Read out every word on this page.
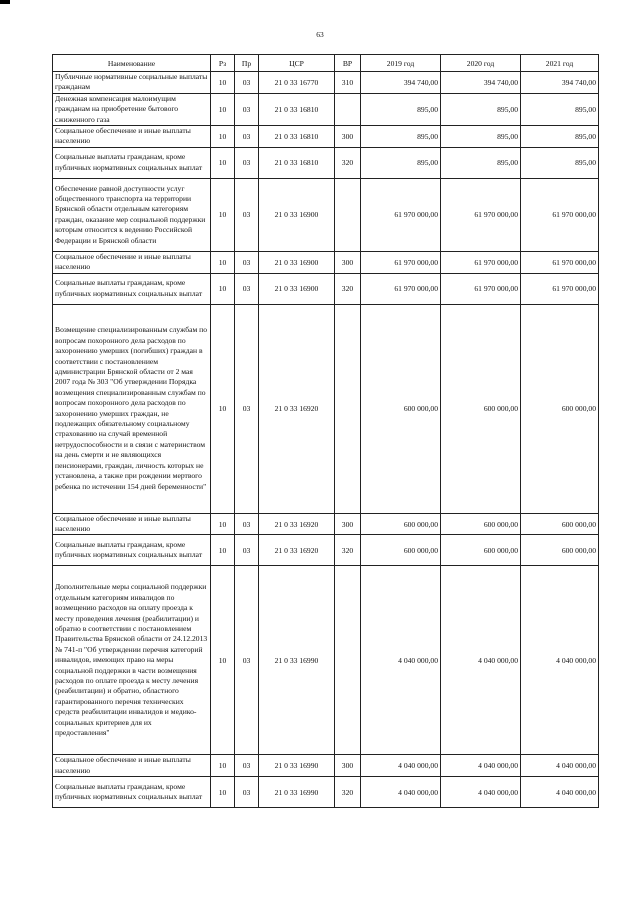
63
Наименование	Рз	Пр	ЦСР	ВР	2019 год	2020 год	2021 год
Публичные нормативные социальные выплаты гражданам	10	03	21 0 33 16770	310	394 740,00	394 740,00	394 740,00
Денежная компенсация малоимущим гражданам на приобретение бытового сжиженного газа	10	03	21 0 33 16810		895,00	895,00	895,00
Социальное обеспечение и иные выплаты населению	10	03	21 0 33 16810	300	895,00	895,00	895,00
Социальные выплаты гражданам, кроме публичных нормативных социальных выплат	10	03	21 0 33 16810	320	895,00	895,00	895,00
Обеспечение равной доступности услуг общественного транспорта на территории Брянской области отдельным категориям граждан, оказание мер социальной поддержки которым относится к ведению Российской Федерации и Брянской области	10	03	21 0 33 16900		61 970 000,00	61 970 000,00	61 970 000,00
Социальное обеспечение и иные выплаты населению	10	03	21 0 33 16900	300	61 970 000,00	61 970 000,00	61 970 000,00
Социальные выплаты гражданам, кроме публичных нормативных социальных выплат	10	03	21 0 33 16900	320	61 970 000,00	61 970 000,00	61 970 000,00
Возмещение специализированным службам по вопросам похоронного дела расходов по захоронению умерших (погибших) граждан в соответствии с постановлением администрации Брянской области от 2 мая 2007 года № 303 "Об утверждении Порядка возмещения специализированным службам по вопросам похоронного дела расходов по захоронению умерших граждан, не подлежащих обязательному социальному страхованию на случай временной нетрудоспособности и в связи с материнством на день смерти и не являющихся пенсионерами, граждан, личность которых не установлена, а также при рождении мертвого ребенка по истечении 154 дней беременности"	10	03	21 0 33 16920		600 000,00	600 000,00	600 000,00
Социальное обеспечение и иные выплаты населению	10	03	21 0 33 16920	300	600 000,00	600 000,00	600 000,00
Социальные выплаты гражданам, кроме публичных нормативных социальных выплат	10	03	21 0 33 16920	320	600 000,00	600 000,00	600 000,00
Дополнительные меры социальной поддержки отдельным категориям инвалидов по возмещению расходов на оплату проезда к месту проведения лечения (реабилитации) и обратно в соответствии с постановлением Правительства Брянской области от 24.12.2013 № 741-п "Об утверждении перечня категорий инвалидов, имеющих право на меры социальной поддержки в части возмещения расходов по оплате проезда к месту лечения (реабилитации) и обратно, областного гарантированного перечня технических средств реабилитации инвалидов и медико-социальных критериев для их предоставления"	10	03	21 0 33 16990		4 040 000,00	4 040 000,00	4 040 000,00
Социальное обеспечение и иные выплаты населению	10	03	21 0 33 16990	300	4 040 000,00	4 040 000,00	4 040 000,00
Социальные выплаты гражданам, кроме публичных нормативных социальных выплат	10	03	21 0 33 16990	320	4 040 000,00	4 040 000,00	4 040 000,00
